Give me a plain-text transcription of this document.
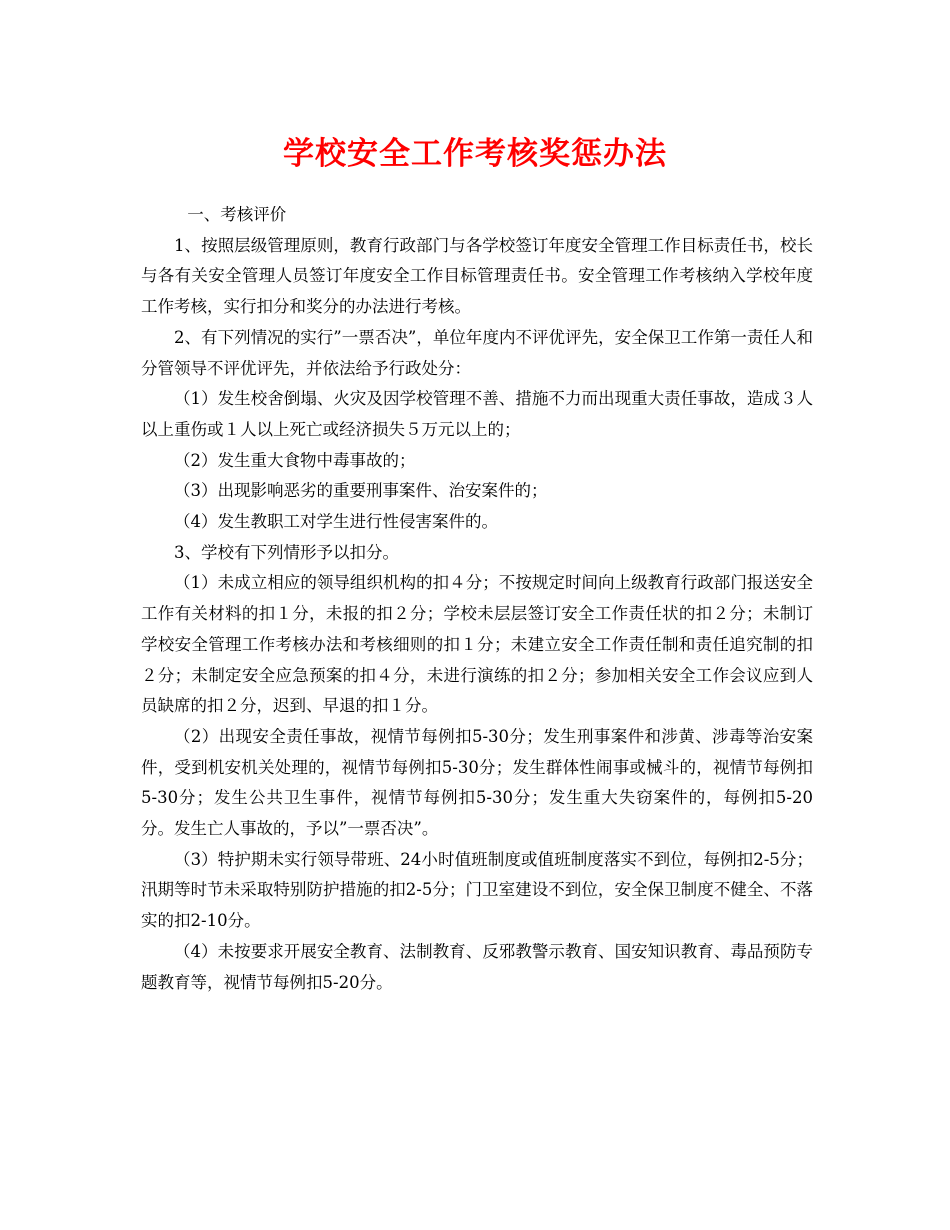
学校安全工作考核奖惩办法

一、考核评价

1、按照层级管理原则，教育行政部门与各学校签订年度安全管理工作目标责任书，校长与各有关安全管理人员签订年度安全工作目标管理责任书。安全管理工作考核纳入学校年度工作考核，实行扣分和奖分的办法进行考核。

2、有下列情况的实行”一票否决”，单位年度内不评优评先，安全保卫工作第一责任人和分管领导不评优评先，并依法给予行政处分：

（1）发生校舍倒塌、火灾及因学校管理不善、措施不力而出现重大责任事故，造成３人以上重伤或１人以上死亡或经济损失５万元以上的；

（2）发生重大食物中毒事故的；

（3）出现影响恶劣的重要刑事案件、治安案件的；

（4）发生教职工对学生进行性侵害案件的。

3、学校有下列情形予以扣分。

（1）未成立相应的领导组织机构的扣４分；不按规定时间向上级教育行政部门报送安全工作有关材料的扣１分，未报的扣２分；学校未层层签订安全工作责任状的扣２分；未制订学校安全管理工作考核办法和考核细则的扣１分；未建立安全工作责任制和责任追究制的扣２分；未制定安全应急预案的扣４分，未进行演练的扣２分；参加相关安全工作会议应到人员缺席的扣２分，迟到、早退的扣１分。

（2）出现安全责任事故，视情节每例扣5-30分；发生刑事案件和涉黄、涉毒等治安案件，受到机安机关处理的，视情节每例扣5-30分；发生群体性闹事或械斗的，视情节每例扣5-30分；发生公共卫生事件，视情节每例扣5-30分；发生重大失窃案件的，每例扣5-20分。发生亡人事故的，予以”一票否决”。

（3）特护期未实行领导带班、24小时值班制度或值班制度落实不到位，每例扣2-5分；汛期等时节未采取特别防护措施的扣2-5分；门卫室建设不到位，安全保卫制度不健全、不落实的扣2-10分。

（4）未按要求开展安全教育、法制教育、反邪教警示教育、国安知识教育、毒品预防专题教育等，视情节每例扣5-20分。
